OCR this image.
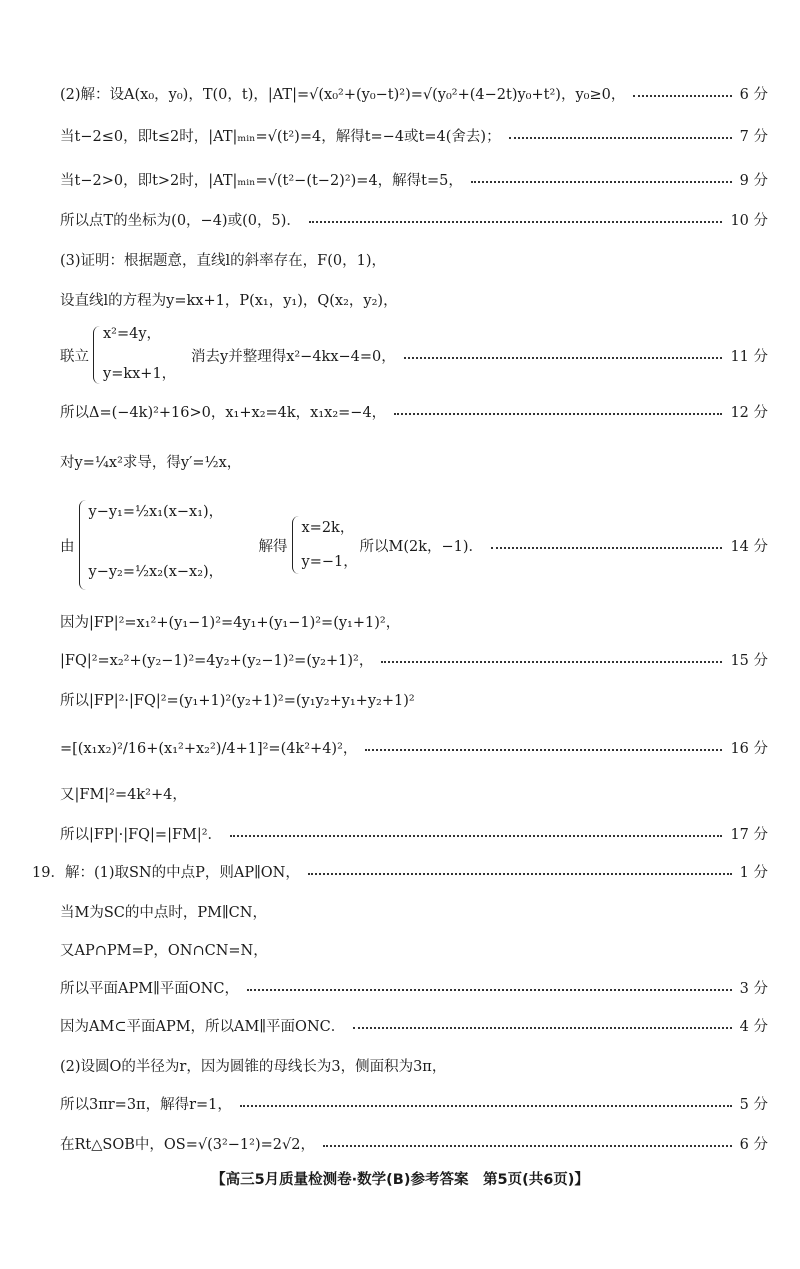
(2)解：设A(x₀，y₀)，T(0，t)，|AT|=√(x₀²+(y₀−t)²)=√(y₀²+(4−2t)y₀+t²)，y₀≥0，	6 分
当t−2≤0，即t≤2时，|AT|ₘᵢₙ=√(t²)=4，解得t=−4或t=4(舍去)；	7 分
当t−2>0，即t>2时，|AT|ₘᵢₙ=√(t²−(t−2)²)=4，解得t=5，	9 分
所以点T的坐标为(0，−4)或(0，5)．	10 分
(3)证明：根据题意，直线l的斜率存在，F(0，1)，
设直线l的方程为y=kx+1，P(x₁，y₁)，Q(x₂，y₂)，
联立
x²=4y，
y=kx+1，
消去y并整理得x²−4kx−4=0，	11 分
所以Δ=(−4k)²+16>0，x₁+x₂=4k，x₁x₂=−4，	12 分
对y=¼x²求导，得y′=½x，
由
y−y₁=½x₁(x−x₁)，
y−y₂=½x₂(x−x₂)，
解得
x=2k，
y=−1，
所以M(2k，−1)．	14 分
因为|FP|²=x₁²+(y₁−1)²=4y₁+(y₁−1)²=(y₁+1)²，
|FQ|²=x₂²+(y₂−1)²=4y₂+(y₂−1)²=(y₂+1)²，	15 分
所以|FP|²·|FQ|²=(y₁+1)²(y₂+1)²=(y₁y₂+y₁+y₂+1)²
=[(x₁x₂)²/16+(x₁²+x₂²)/4+1]²=(4k²+4)²，	16 分
又|FM|²=4k²+4，
所以|FP|·|FQ|=|FM|²．	17 分
19．解：(1)取SN的中点P，则AP∥ON，	1 分
当M为SC的中点时，PM∥CN，
又AP∩PM=P，ON∩CN=N，
所以平面APM∥平面ONC，	3 分
因为AM⊂平面APM，所以AM∥平面ONC．	4 分
(2)设圆O的半径为r，因为圆锥的母线长为3，侧面积为3π，
所以3πr=3π，解得r=1，	5 分
在Rt△SOB中，OS=√(3²−1²)=2√2，	6 分
【高三5月质量检测卷·数学(B)参考答案　第5页(共6页)】
